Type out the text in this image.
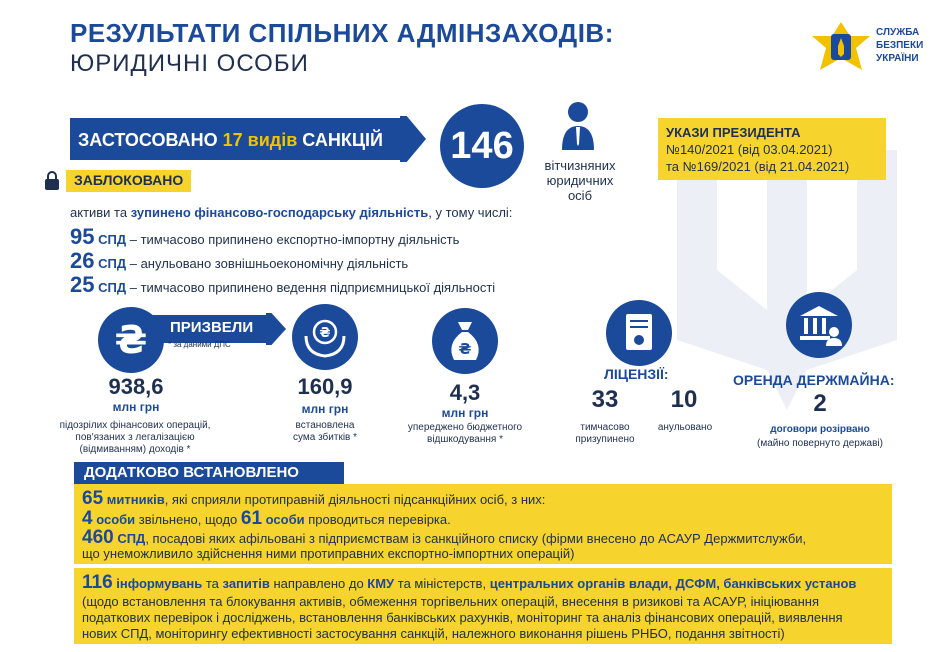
РЕЗУЛЬТАТИ СПІЛЬНИХ АДМІНЗАХОДІВ:
ЮРИДИЧНІ ОСОБИ
СЛУЖБА
БЕЗПЕКИ
УКРАЇНИ
ЗАСТОСОВАНО 17 видів САНКЦІЙ 146	вітчизняних
юридичних осіб
УКАЗИ ПРЕЗИДЕНТА
№140/2021 (від 03.04.2021)
та №169/2021 (від 21.04.2021)
ЗАБЛОКОВАНО
активи та зупинено фінансово-господарську діяльність, у тому числі:
95 СПД – тимчасово припинено експортно-імпортну діяльність
26 СПД – анульовано зовнішньоекономічну діяльність
25 СПД – тимчасово припинено ведення підприємницької діяльності
₴ ПРИЗВЕЛИ
* за даними ДПС
938,6
млн грн
підозрілих фінансових операцій,
пов'язаних з легалізацією
(відмиванням) доходів *
₴
160,9
млн грн
встановлена
сума збитків *
₴
4,3
млн грн
упереджено бюджетного
відшкодування *
ЛІЦЕНЗІЇ:
33
тимчасово
призупинено
10
анульовано
ОРЕНДА ДЕРЖМАЙНА:
2
договори розірвано
(майно повернуто державі)
ДОДАТКОВО ВСТАНОВЛЕНО
65 митників, які сприяли протиправній діяльності підсанкційних осіб, з них:
4 особи звільнено, щодо 61 особи проводиться перевірка.
460 СПД, посадові яких афільовані з підприємствам із санкційного списку (фірми внесено до АСАУР Держмитслужби,
що унеможливило здійснення ними протиправних експортно-імпортних операцій)
116 інформувань та запитів направлено до КМУ та міністерств, центральних органів влади, ДСФМ, банківських установ
(щодо встановлення та блокування активів, обмеження торгівельних операцій, внесення в ризикові та АСАУР, ініціювання
податкових перевірок і досліджень, встановлення банківських рахунків, моніторинг та аналіз фінансових операцій, виявлення
нових СПД, моніторингу ефективності застосування санкцій, належного виконання рішень РНБО, подання звітності)
